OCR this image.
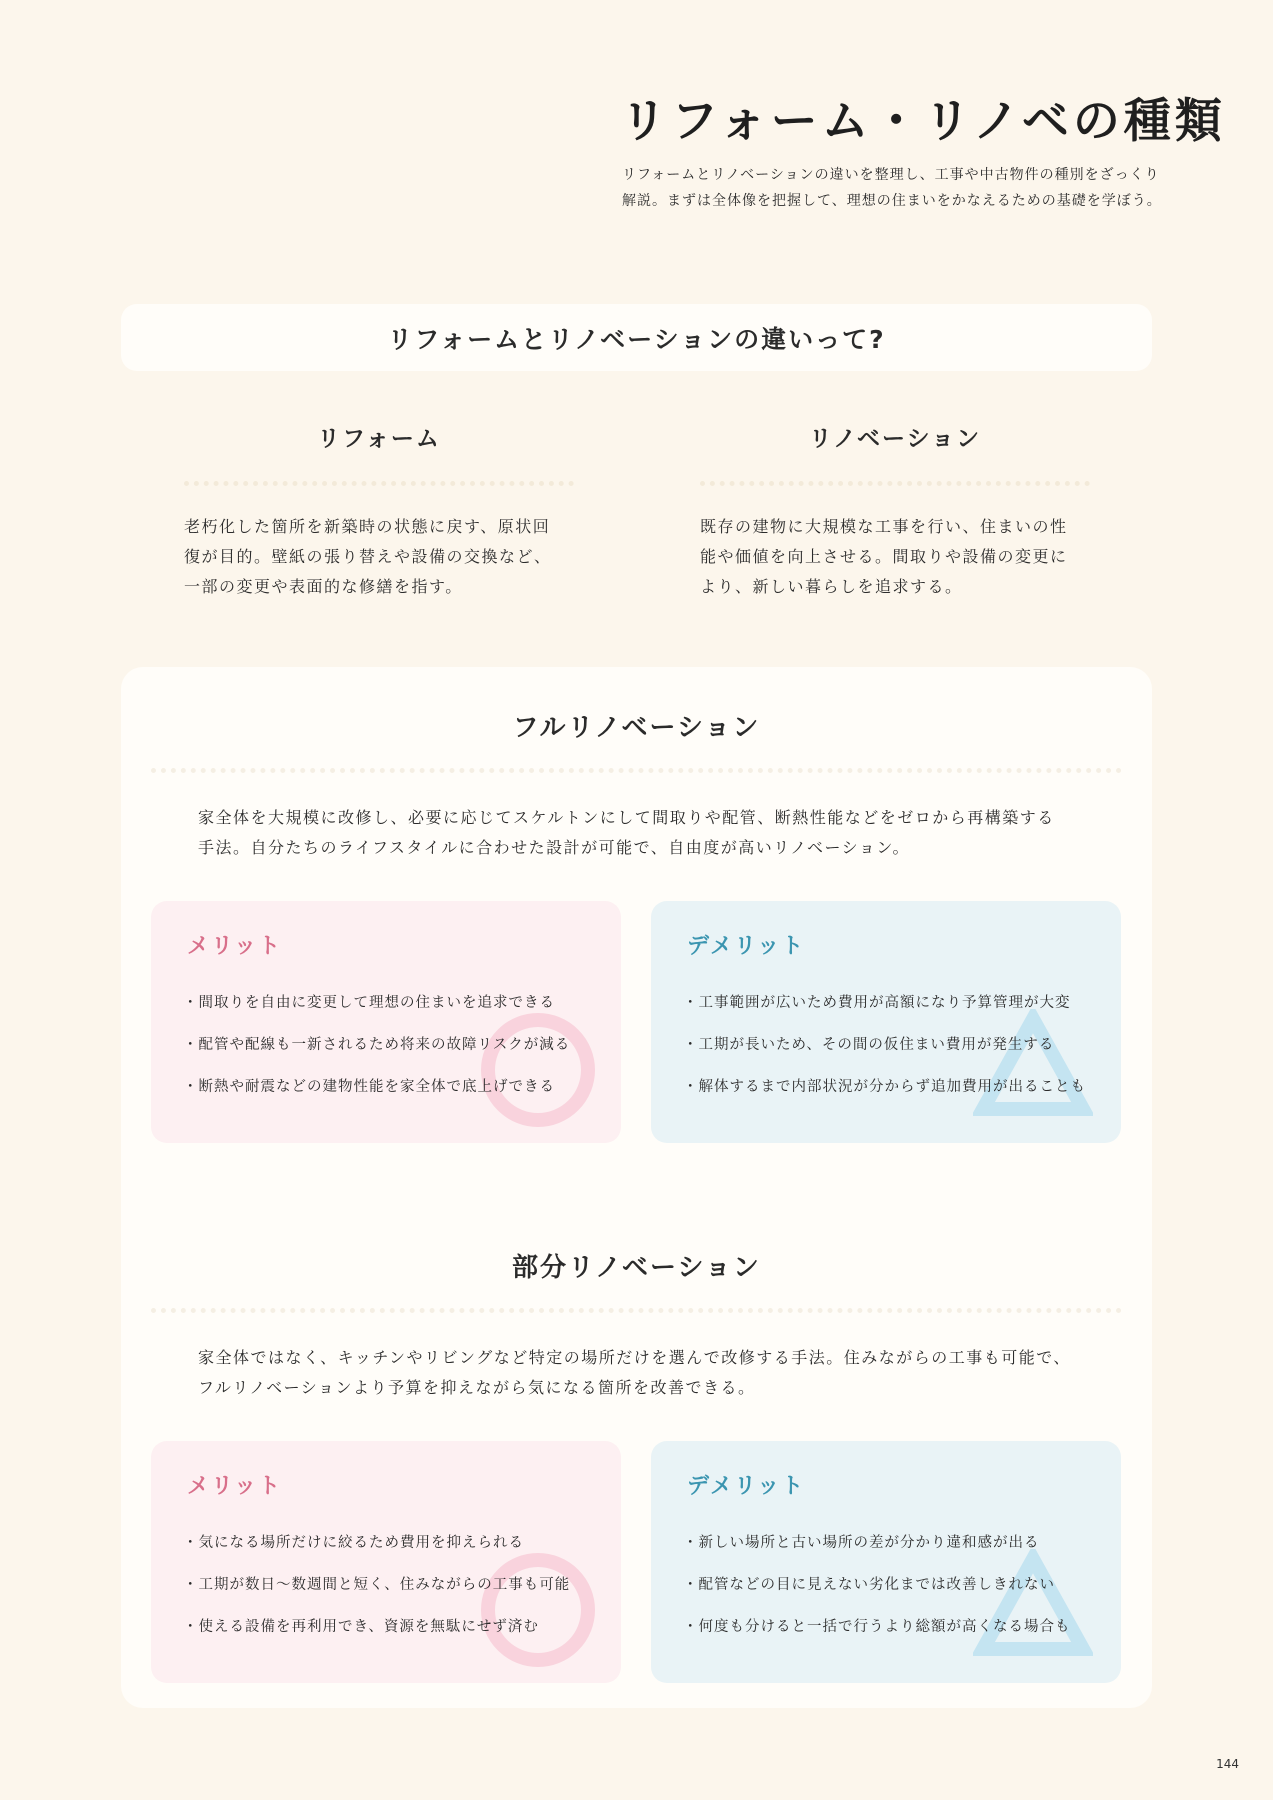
リフォーム・リノベの種類
リフォームとリノベーションの違いを整理し、工事や中古物件の種別をざっくり
解説。まずは全体像を把握して、理想の住まいをかなえるための基礎を学ぼう。
リフォームとリノベーションの違いって?
リフォーム

老朽化した箇所を新築時の状態に戻す、原状回
復が目的。壁紙の張り替えや設備の交換など、
一部の変更や表面的な修繕を指す。

リノベーション

既存の建物に大規模な工事を行い、住まいの性
能や価値を向上させる。間取りや設備の変更に
より、新しい暮らしを追求する。

フルリノベーション

家全体を大規模に改修し、必要に応じてスケルトンにして間取りや配管、断熱性能などをゼロから再構築する
手法。自分たちのライフスタイルに合わせた設計が可能で、自由度が高いリノベーション。

メリット
・間取りを自由に変更して理想の住まいを追求できる
・配管や配線も一新されるため将来の故障リスクが減る
・断熱や耐震などの建物性能を家全体で底上げできる
デメリット
・工事範囲が広いため費用が高額になり予算管理が大変
・工期が長いため、その間の仮住まい費用が発生する
・解体するまで内部状況が分からず追加費用が出ることも
部分リノベーション

家全体ではなく、キッチンやリビングなど特定の場所だけを選んで改修する手法。住みながらの工事も可能で、
フルリノベーションより予算を抑えながら気になる箇所を改善できる。

メリット
・気になる場所だけに絞るため費用を抑えられる
・工期が数日〜数週間と短く、住みながらの工事も可能
・使える設備を再利用でき、資源を無駄にせず済む
デメリット
・新しい場所と古い場所の差が分かり違和感が出る
・配管などの目に見えない劣化までは改善しきれない
・何度も分けると一括で行うより総額が高くなる場合も
144
